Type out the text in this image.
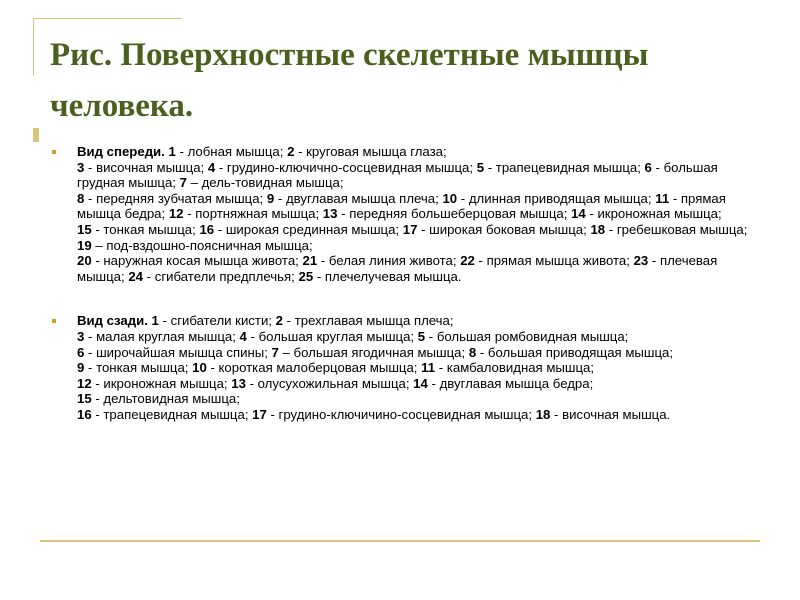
Рис. Поверхностные скелетные мышцы человека.
Вид спереди. 1 - лобная мышца; 2 - круговая мышца глаза;
3 - височная мышца; 4 - грудино-ключично-сосцевидная мышца; 5 - трапецевидная мышца; 6 - большая грудная мышца; 7 – дель-товидная мышца;
8 - передняя зубчатая мышца; 9 - двуглавая мышца плеча; 10 - длинная приводящая мышца; 11 - прямая мышца бедра; 12 - портняжная мышца; 13 - передняя большеберцовая мышца; 14 - икроножная мышца;
15 - тонкая мышца; 16 - широкая срединная мышца; 17 - широкая боковая мышца; 18 - гребешковая мышца; 19 – под-вздошно-поясничная мышца;
20 - наружная косая мышца живота; 21 - белая линия живота; 22 - прямая мышца живота; 23 - плечевая мышца; 24 - сгибатели предплечья; 25 - плечелучевая мышца.
Вид сзади. 1 - сгибатели кисти; 2 - трехглавая мышца плеча;
3 - малая круглая мышца; 4 - большая круглая мышца; 5 - большая ромбовидная мышца;
6 - широчайшая мышца спины; 7 – большая ягодичная мышца; 8 - большая приводящая мышца;
9 - тонкая мышца; 10 - короткая малоберцовая мышца; 11 - камбаловидная мышца;
12 - икроножная мышца; 13 - олусухожильная мышца; 14 - двуглавая мышца бедра;
15 - дельтовидная мышца;
16 - трапецевидная мышца; 17 - грудино-ключичино-сосцевидная мышца; 18 - височная мышца.
